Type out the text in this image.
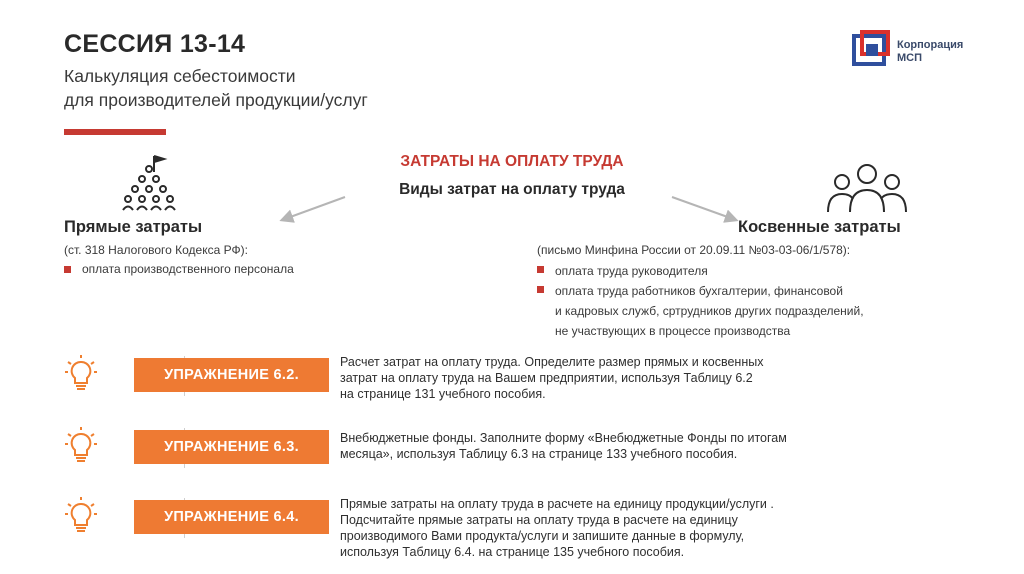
СЕССИЯ 13-14
Калькуляция себестоимости
для производителей продукции/услуг
Корпорация
МСП
ЗАТРАТЫ НА ОПЛАТУ ТРУДА
Виды затрат на оплату труда
Прямые затраты
(ст. 318 Налогового Кодекса РФ):
оплата производственного персонала
Косвенные затраты
(письмо Минфина России от 20.09.11 №03-03-06/1/578):
оплата труда руководителя
оплата труда работников бухгалтерии, финансовой
и кадровых служб, сртрудников других подразделений,
не участвующих в процессе производства
УПРАЖНЕНИЕ 6.2.
Расчет затрат на оплату труда. Определите размер прямых и косвенных
затрат на оплату труда на Вашем предприятии, используя Таблицу 6.2
на странице 131 учебного пособия.
УПРАЖНЕНИЕ 6.3.
Внебюджетные фонды. Заполните форму «Внебюджетные Фонды по итогам
месяца», используя Таблицу 6.3 на странице 133 учебного пособия.
УПРАЖНЕНИЕ 6.4.
Прямые затраты на оплату труда в расчете на единицу продукции/услуги .
Подсчитайте прямые затраты на оплату труда в расчете на единицу
производимого Вами продукта/услуги и запишите данные в формулу,
используя Таблицу 6.4. на странице 135 учебного пособия.
